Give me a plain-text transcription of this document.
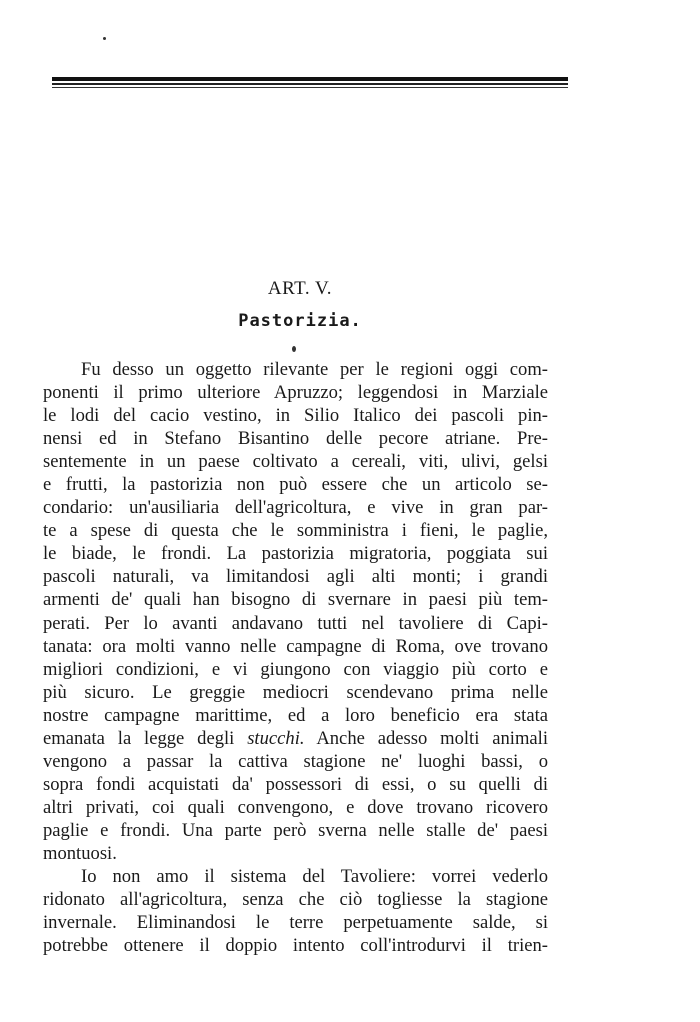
ART. V.
Pastorizia.
Fu desso un oggetto rilevante per le regioni oggi com-
ponenti il primo ulteriore Apruzzo; leggendosi in Marziale
le lodi del cacio vestino, in Silio Italico dei pascoli pin-
nensi ed in Stefano Bisantino delle pecore atriane. Pre-
sentemente in un paese coltivato a cereali, viti, ulivi, gelsi
e frutti, la pastorizia non può essere che un articolo se-
condario: un'ausiliaria dell'agricoltura, e vive in gran par-
te a spese di questa che le somministra i fieni, le paglie,
le biade, le frondi. La pastorizia migratoria, poggiata sui
pascoli naturali, va limitandosi agli alti monti; i grandi
armenti de' quali han bisogno di svernare in paesi più tem-
perati. Per lo avanti andavano tutti nel tavoliere di Capi-
tanata: ora molti vanno nelle campagne di Roma, ove trovano
migliori condizioni, e vi giungono con viaggio più corto e
più sicuro. Le greggie mediocri scendevano prima nelle
nostre campagne marittime, ed a loro beneficio era stata
emanata la legge degli stucchi. Anche adesso molti animali
vengono a passar la cattiva stagione ne' luoghi bassi, o
sopra fondi acquistati da' possessori di essi, o su quelli di
altri privati, coi quali convengono, e dove trovano ricovero
paglie e frondi. Una parte però sverna nelle stalle de' paesi
montuosi.
Io non amo il sistema del Tavoliere: vorrei vederlo
ridonato all'agricoltura, senza che ciò togliesse la stagione
invernale. Eliminandosi le terre perpetuamente salde, si
potrebbe ottenere il doppio intento coll'introdurvi il trien-
